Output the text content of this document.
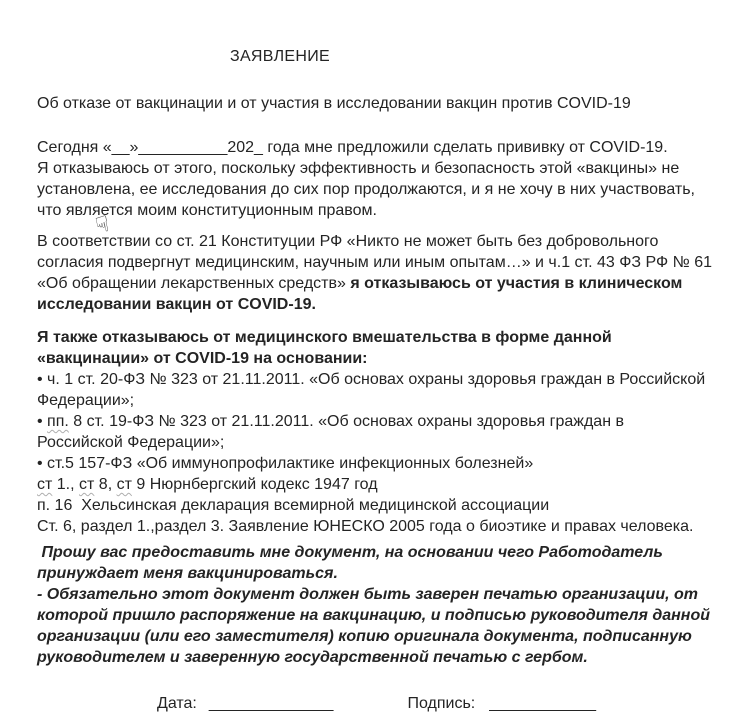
ЗАЯВЛЕНИЕ
Об отказе от вакцинации и от участия в исследовании вакцин против COVID-19
Сегодня «__»__________202_ года мне предложили сделать прививку от COVID-19.
Я отказываюсь от этого, поскольку эффективность и безопасность этой «вакцины» не
установлена, ее исследования до сих пор продолжаются, и я не хочу в них участвовать,
что является моим конституционным правом.
В соответствии со ст. 21 Конституции РФ «Никто не может быть без добровольного
согласия подвергнут медицинским, научным или иным опытам…» и ч.1 ст. 43 ФЗ РФ № 61
«Об обращении лекарственных средств» я отказываюсь от участия в клиническом
исследовании вакцин от COVID-19.
Я также отказываюсь от медицинского вмешательства в форме данной
«вакцинации» от COVID-19 на основании:
• ч. 1 ст. 20-ФЗ № 323 от 21.11.2011. «Об основах охраны здоровья граждан в Российской
Федерации»;
• пп. 8 ст. 19-ФЗ № 323 от 21.11.2011. «Об основах охраны здоровья граждан в
Российской Федерации»;
• ст.5 157-ФЗ «Об иммунопрофилактике инфекционных болезней»
ст 1., ст 8, ст 9 Нюрнбергский кодекс 1947 год
п. 16  Хельсинская декларация всемирной медицинской ассоциации
Ст. 6, раздел 1.,раздел 3. Заявление ЮНЕСКО 2005 года о биоэтике и правах человека.
Прошу вас предоставить мне документ, на основании чего Работодатель
принуждает меня вакцинироваться.
- Обязательно этот документ должен быть заверен печатью организации, от
которой пришло распоряжение на вакцинацию, и подписью руководителя данной
организации (или его заместителя) копию оригинала документа, подписанную
руководителем и заверенную государственной печатью с гербом.
Дата: ______________	Подпись: ____________
☟
